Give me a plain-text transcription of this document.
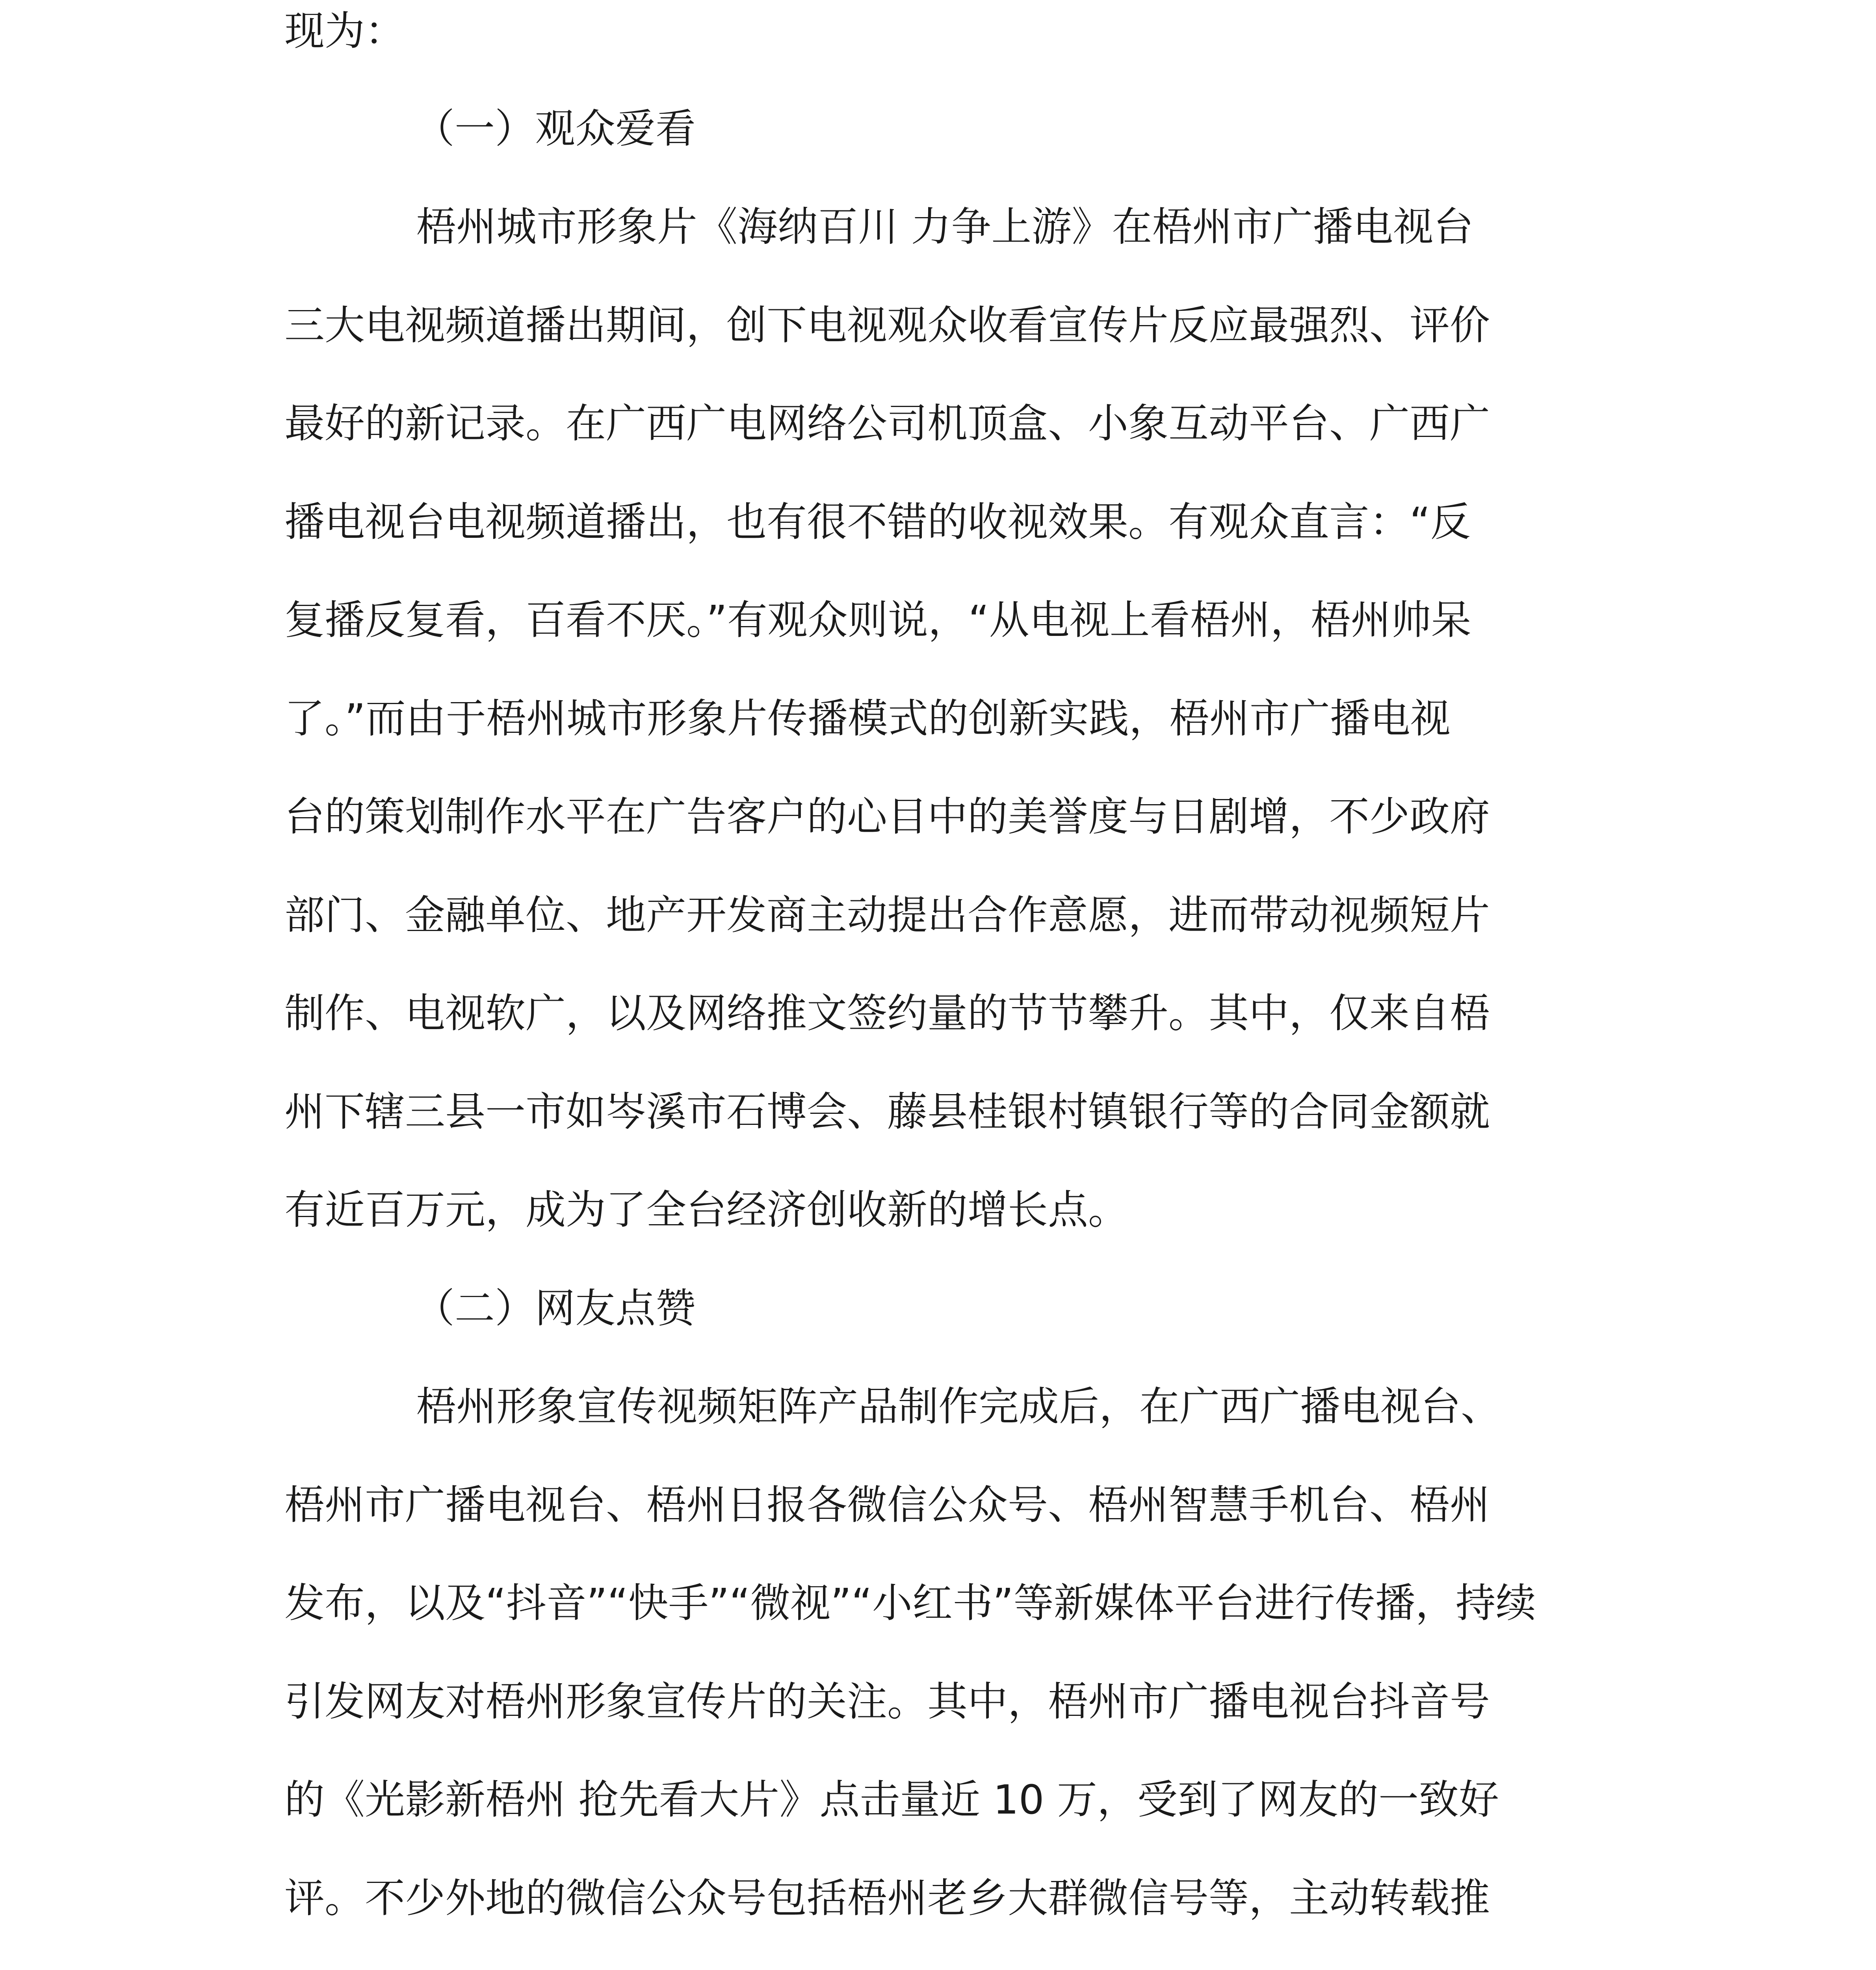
现为：
（一）观众爱看
梧州城市形象片《海纳百川 力争上游》在梧州市广播电视台
三大电视频道播出期间，创下电视观众收看宣传片反应最强烈、评价
最好的新记录。在广西广电网络公司机顶盒、小象互动平台、广西广
播电视台电视频道播出，也有很不错的收视效果。有观众直言：“反
复播反复看，百看不厌。”有观众则说，“从电视上看梧州，梧州帅呆
了。”而由于梧州城市形象片传播模式的创新实践，梧州市广播电视
台的策划制作水平在广告客户的心目中的美誉度与日剧增，不少政府
部门、金融单位、地产开发商主动提出合作意愿，进而带动视频短片
制作、电视软广，以及网络推文签约量的节节攀升。其中，仅来自梧
州下辖三县一市如岑溪市石博会、藤县桂银村镇银行等的合同金额就
有近百万元，成为了全台经济创收新的增长点。
（二）网友点赞
梧州形象宣传视频矩阵产品制作完成后，在广西广播电视台、
梧州市广播电视台、梧州日报各微信公众号、梧州智慧手机台、梧州
发布，以及“抖音”“快手”“微视”“小红书”等新媒体平台进行传播，持续
引发网友对梧州形象宣传片的关注。其中，梧州市广播电视台抖音号
的《光影新梧州 抢先看大片》点击量近 10 万，受到了网友的一致好
评。不少外地的微信公众号包括梧州老乡大群微信号等，主动转载推
